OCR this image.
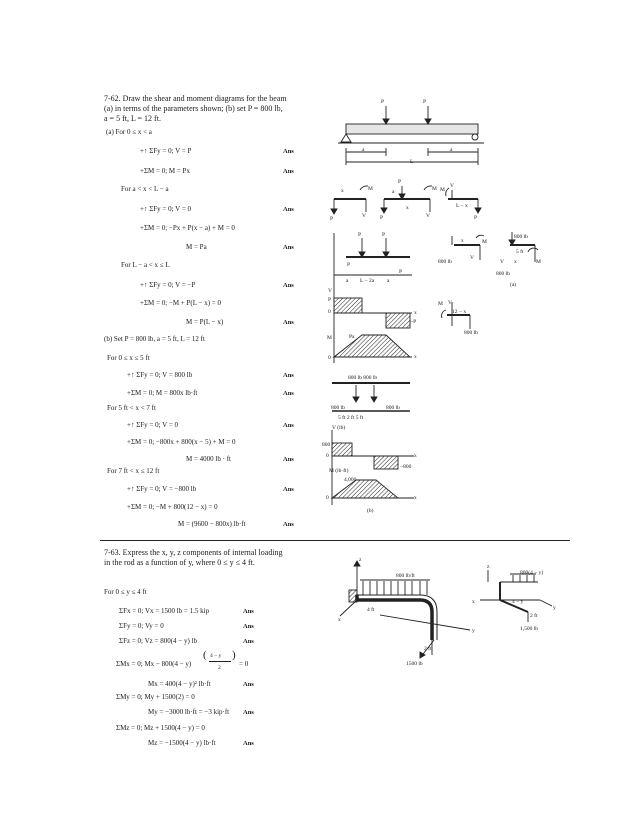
7-62. Draw the shear and moment diagrams for the beam
(a) in terms of the parameters shown; (b) set P = 800 lb,
a = 5 ft, L = 12 ft.
(a) For 0 ≤ x < a
+↑ ΣFy = 0; V = P	Ans
+ΣM = 0; M = Px	Ans
For a < x < L − a
+↑ ΣFy = 0; V = 0	Ans
+ΣM = 0; −Px + P(x − a) + M = 0
M = Pa	Ans
For L − a < x ≤ L
+↑ ΣFy = 0; V = −P	Ans
+ΣM = 0; −M + P(L − x) = 0
M = P(L − x)	Ans
(b) Set P = 800 lb, a = 5 ft, L = 12 ft
For 0 ≤ x ≤ 5 ft
+↑ ΣFy = 0; V = 800 lb	Ans
+ΣM = 0; M = 800x lb·ft	Ans
For 5 ft < x < 7 ft
+↑ ΣFy = 0; V = 0	Ans
+ΣM = 0; −800x + 800(x − 5) + M = 0
M = 4000 lb · ft	Ans
For 7 ft < x ≤ 12 ft
+↑ ΣFy = 0; V = −800 lb	Ans
+ΣM = 0; −M + 800(12 − x) = 0
M = (9600 − 800x) lb·ft	Ans
P	P
a	a
L
x	M
P	V
P
a	M
x
P	V
M
V
L − x
P
P	P
P
P
a L − 2a a
V
P
0	x
−P
M	Pa
0	x
x	M
800 lb
V
800 lb
5 ft
x	M
800 lb
V
(a)
M V
12 − x
800 lb
800 lb 800 lb
800 lb	800 lb
5 ft 2 ft 5 ft
V (lb)
800
0	x
−800
M (lb·ft)
4,000
0	x
(b)
7-63. Express the x, y, z components of internal loading
in the rod as a function of y, where 0 ≤ y ≤ 4 ft.
For 0 ≤ y ≤ 4 ft
ΣFx = 0; Vx = 1500 lb = 1.5 kip	Ans
ΣFy = 0; Vy = 0	Ans
ΣFz = 0; Vz = 800(4 − y) lb	Ans
ΣMx = 0; Mx − 800(4 − y)
( 4 − y
2
)
= 0
Mx = 400(4 − y)² lb·ft	Ans
ΣMy = 0; My + 1500(2) = 0
My = −3000 lb·ft = −3 kip·ft Ans
ΣMz = 0; Mz + 1500(4 − y) = 0
Mz = −1500(4 − y) lb·ft	Ans
z
800 lb/ft
4 ft
x
y
2 ft
1500 lb
z
800(4 − y)
x	4 − y
y
2 ft
1,500 lb
